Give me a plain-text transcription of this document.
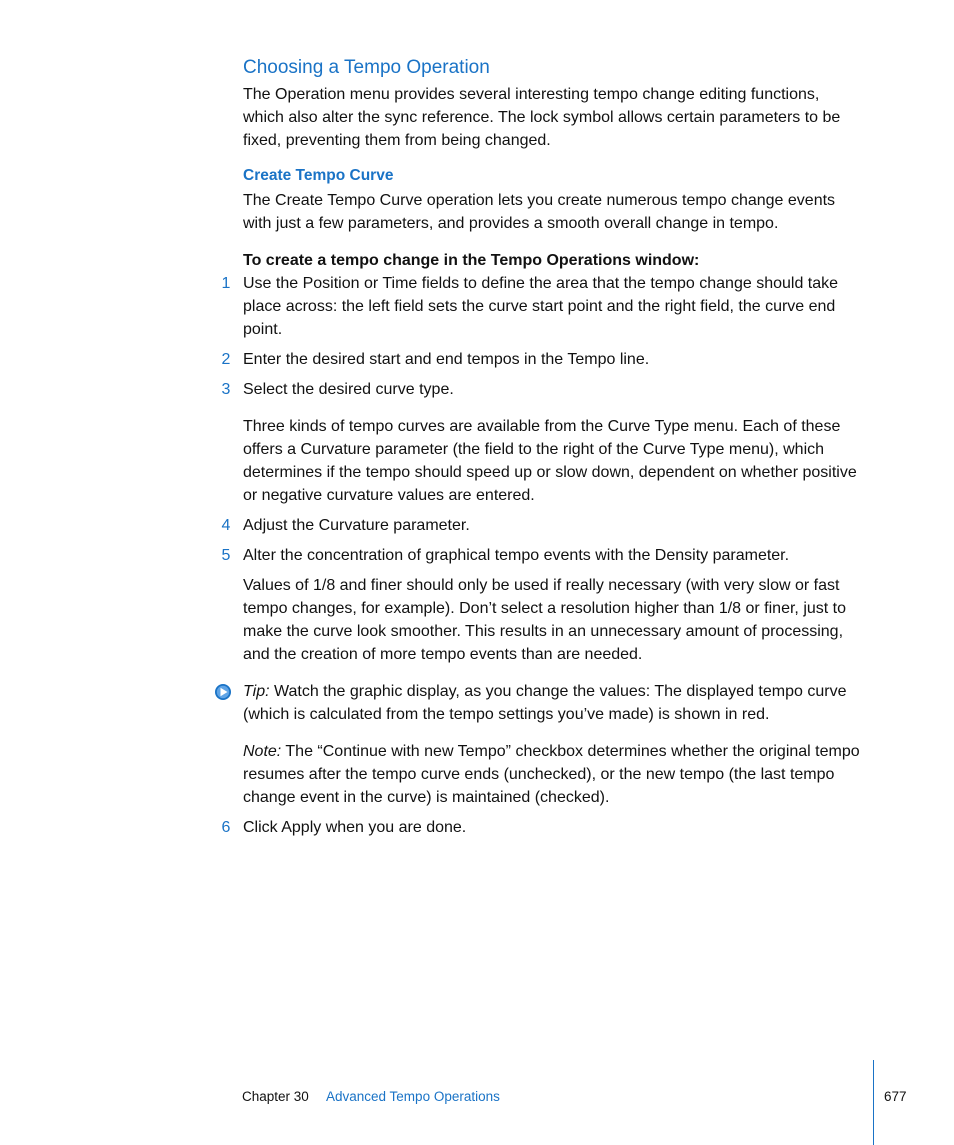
Choosing a Tempo Operation
The Operation menu provides several interesting tempo change editing functions, which also alter the sync reference. The lock symbol allows certain parameters to be fixed, preventing them from being changed.
Create Tempo Curve
The Create Tempo Curve operation lets you create numerous tempo change events with just a few parameters, and provides a smooth overall change in tempo.
To create a tempo change in the Tempo Operations window:
1 Use the Position or Time fields to define the area that the tempo change should take place across: the left field sets the curve start point and the right field, the curve end point.
2 Enter the desired start and end tempos in the Tempo line.
3 Select the desired curve type.
Three kinds of tempo curves are available from the Curve Type menu. Each of these offers a Curvature parameter (the field to the right of the Curve Type menu), which determines if the tempo should speed up or slow down, dependent on whether positive or negative curvature values are entered.
4 Adjust the Curvature parameter.
5 Alter the concentration of graphical tempo events with the Density parameter.
Values of 1/8 and finer should only be used if really necessary (with very slow or fast tempo changes, for example). Don’t select a resolution higher than 1/8 or finer, just to make the curve look smoother. This results in an unnecessary amount of processing, and the creation of more tempo events than are needed.
Tip: Watch the graphic display, as you change the values: The displayed tempo curve (which is calculated from the tempo settings you’ve made) is shown in red.
Note: The “Continue with new Tempo” checkbox determines whether the original tempo resumes after the tempo curve ends (unchecked), or the new tempo (the last tempo change event in the curve) is maintained (checked).
6 Click Apply when you are done.
Chapter 30 Advanced Tempo Operations	677
